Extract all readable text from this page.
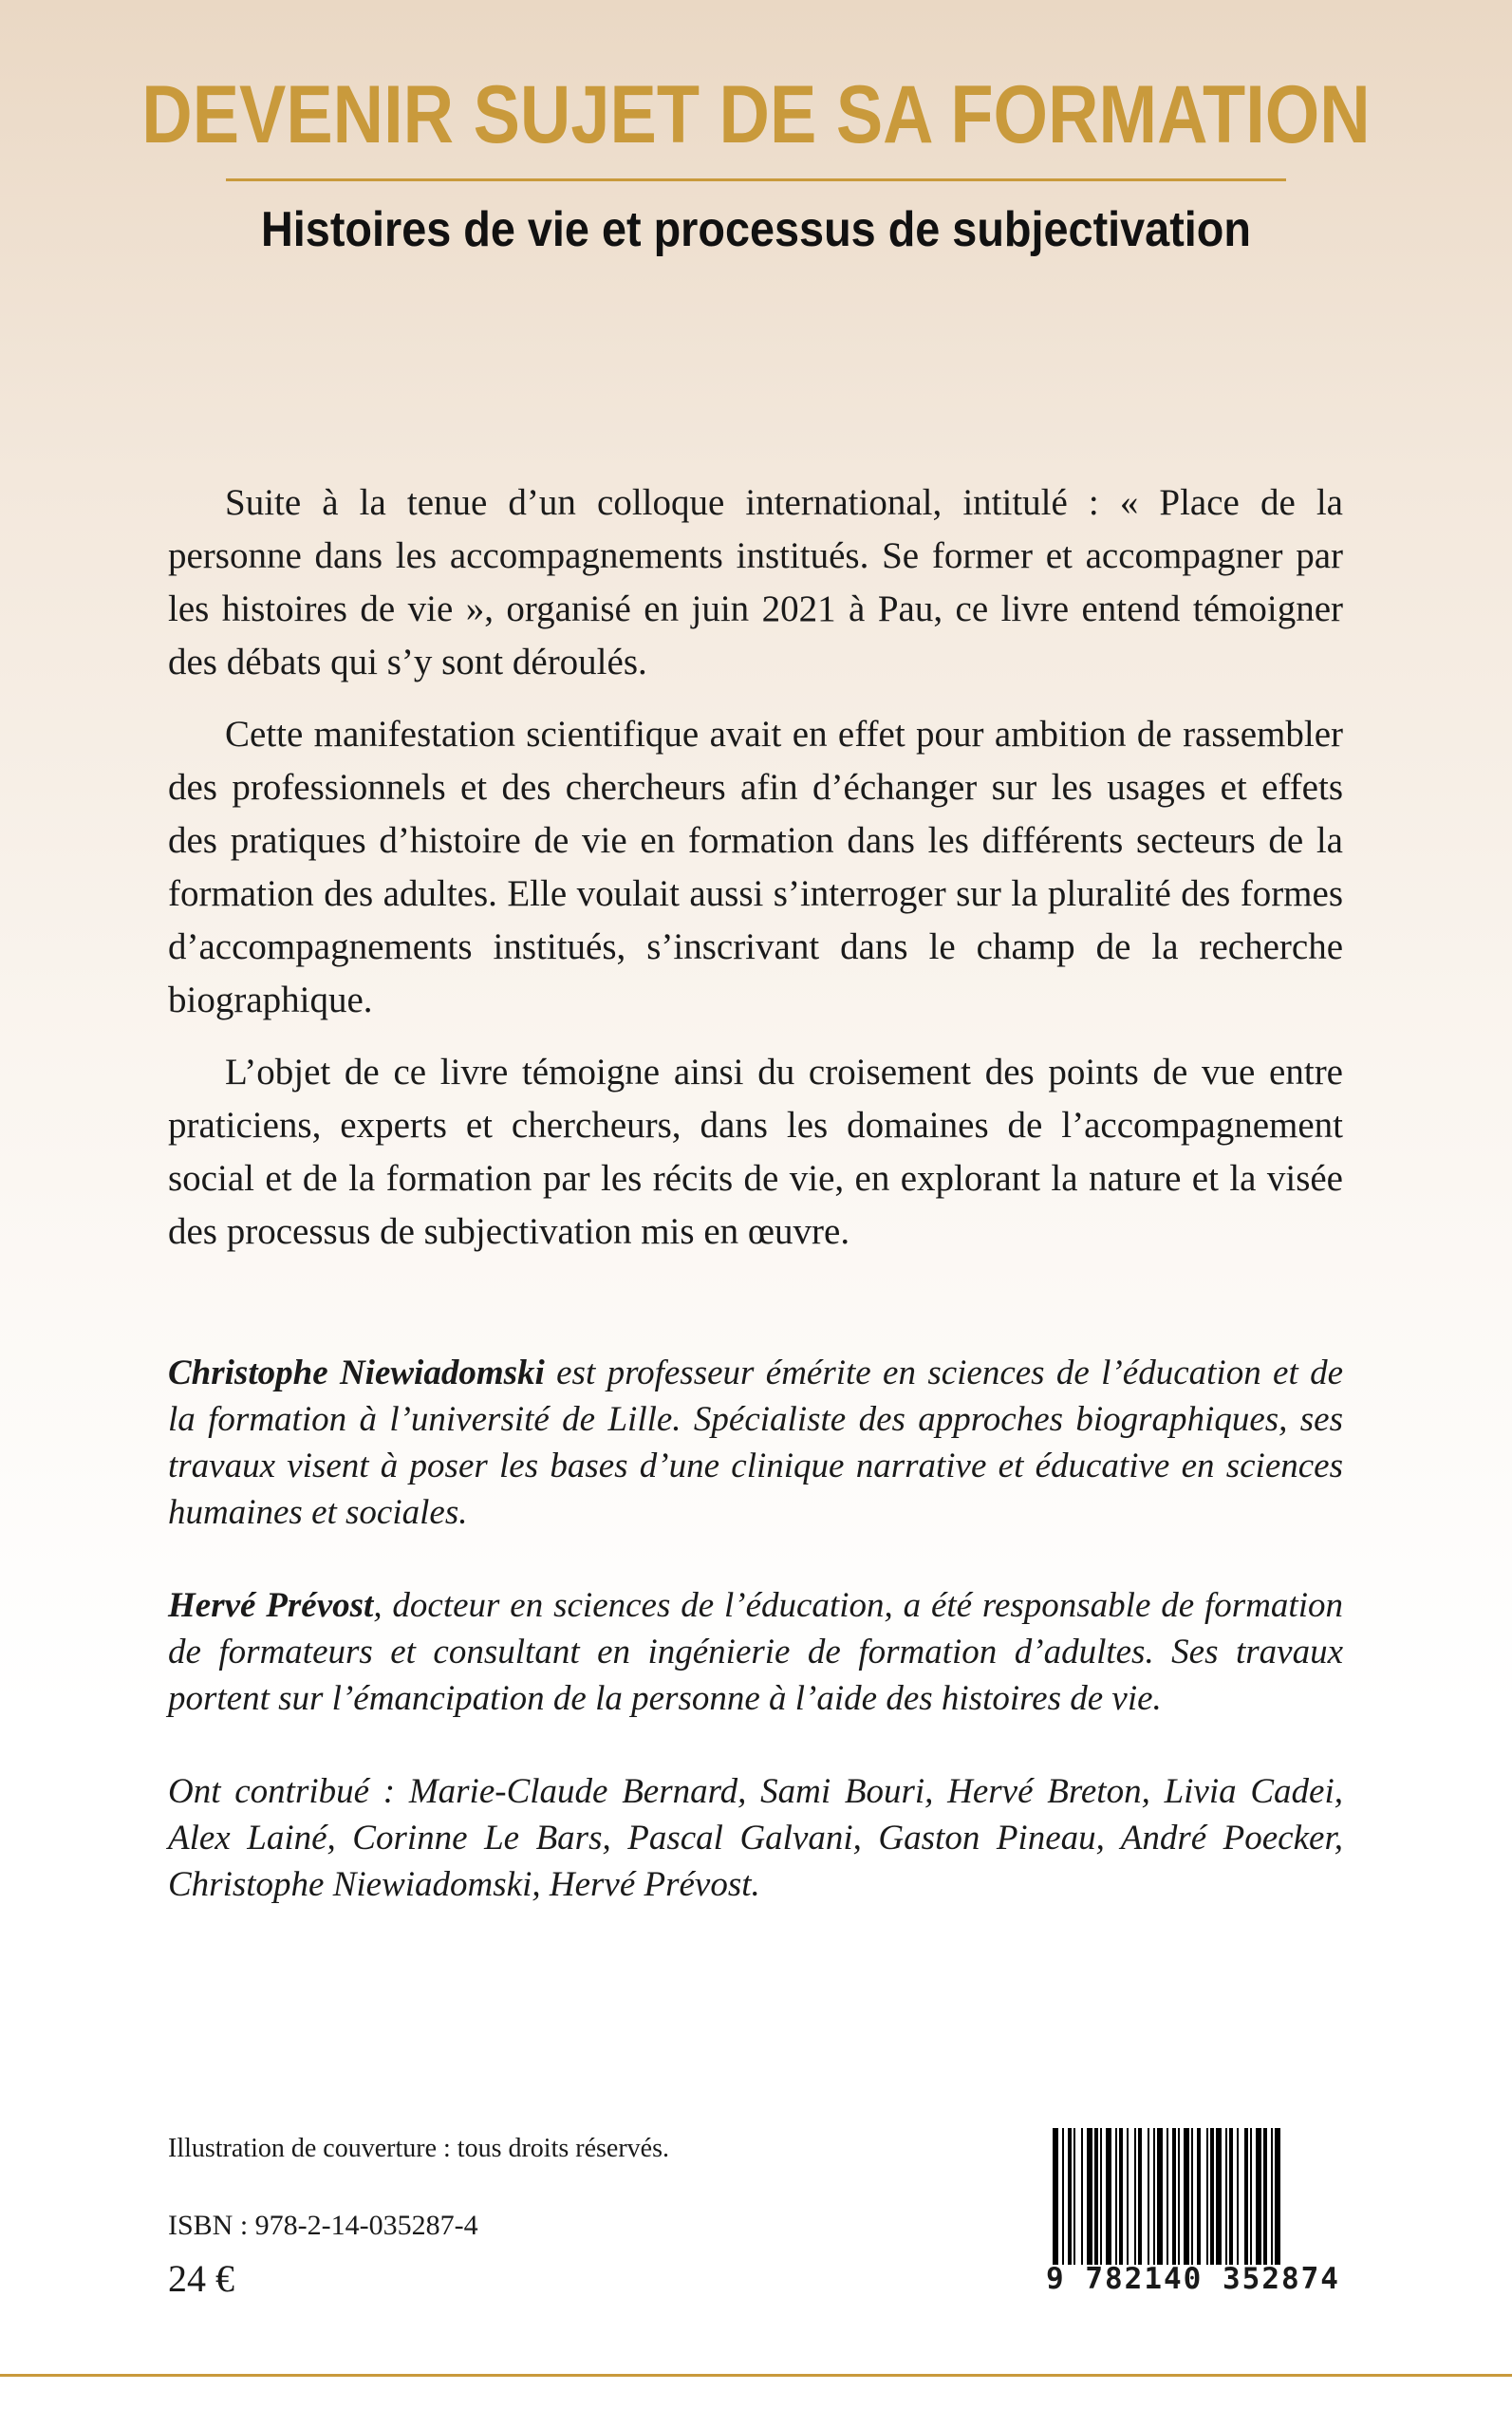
DEVENIR SUJET DE SA FORMATION
Histoires de vie et processus de subjectivation

Suite à la tenue d’un colloque international, intitulé : « Place de la personne dans les accompagnements institués. Se former et accompagner par les histoires de vie », organisé en juin 2021 à Pau, ce livre entend témoigner des débats qui s’y sont déroulés.

Cette manifestation scientifique avait en effet pour ambition de rassembler des professionnels et des chercheurs afin d’échanger sur les usages et effets des pratiques d’histoire de vie en formation dans les différents secteurs de la formation des adultes. Elle voulait aussi s’interroger sur la pluralité des formes d’accompagnements institués, s’inscrivant dans le champ de la recherche biographique.

L’objet de ce livre témoigne ainsi du croisement des points de vue entre praticiens, experts et chercheurs, dans les domaines de l’accompagnement social et de la formation par les récits de vie, en explorant la nature et la visée des processus de subjectivation mis en œuvre.

Christophe Niewiadomski est professeur émérite en sciences de l’éducation et de la formation à l’université de Lille. Spécialiste des approches biographiques, ses travaux visent à poser les bases d’une clinique narrative et éducative en sciences humaines et sociales.

Hervé Prévost, docteur en sciences de l’éducation, a été responsable de formation de formateurs et consultant en ingénierie de formation d’adultes. Ses travaux portent sur l’émancipation de la personne à l’aide des histoires de vie.

Ont contribué : Marie-Claude Bernard, Sami Bouri, Hervé Breton, Livia Cadei, Alex Lainé, Corinne Le Bars, Pascal Galvani, Gaston Pineau, André Poecker, Christophe Niewiadomski, Hervé Prévost.

Illustration de couverture : tous droits réservés.
ISBN : 978-2-14-035287-4
24 €	9 782140 352874
